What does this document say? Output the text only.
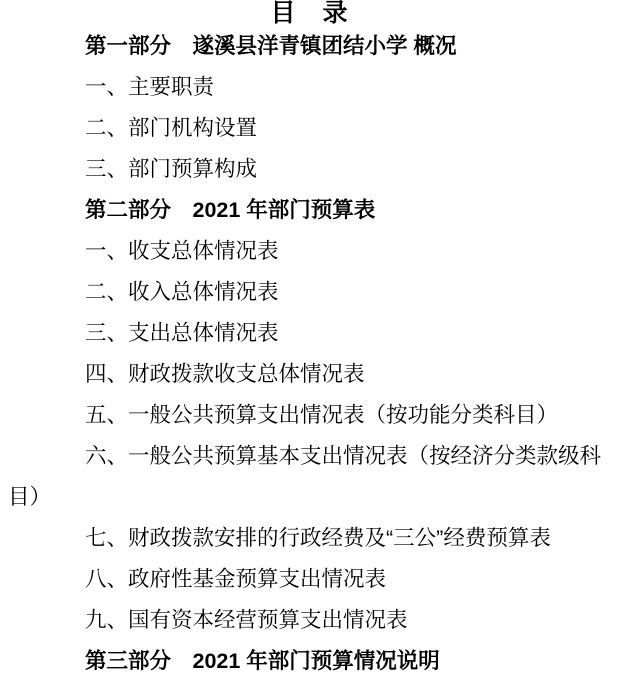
目　录
第一部分　遂溪县洋青镇团结小学 概况
一、主要职责
二、部门机构设置
三、部门预算构成
第二部分　2021 年部门预算表
一、收支总体情况表
二、收入总体情况表
三、支出总体情况表
四、财政拨款收支总体情况表
五、一般公共预算支出情况表（按功能分类科目）
六、一般公共预算基本支出情况表（按经济分类款级科
目）
七、财政拨款安排的行政经费及“三公”经费预算表
八、政府性基金预算支出情况表
九、国有资本经营预算支出情况表
第三部分　2021 年部门预算情况说明
